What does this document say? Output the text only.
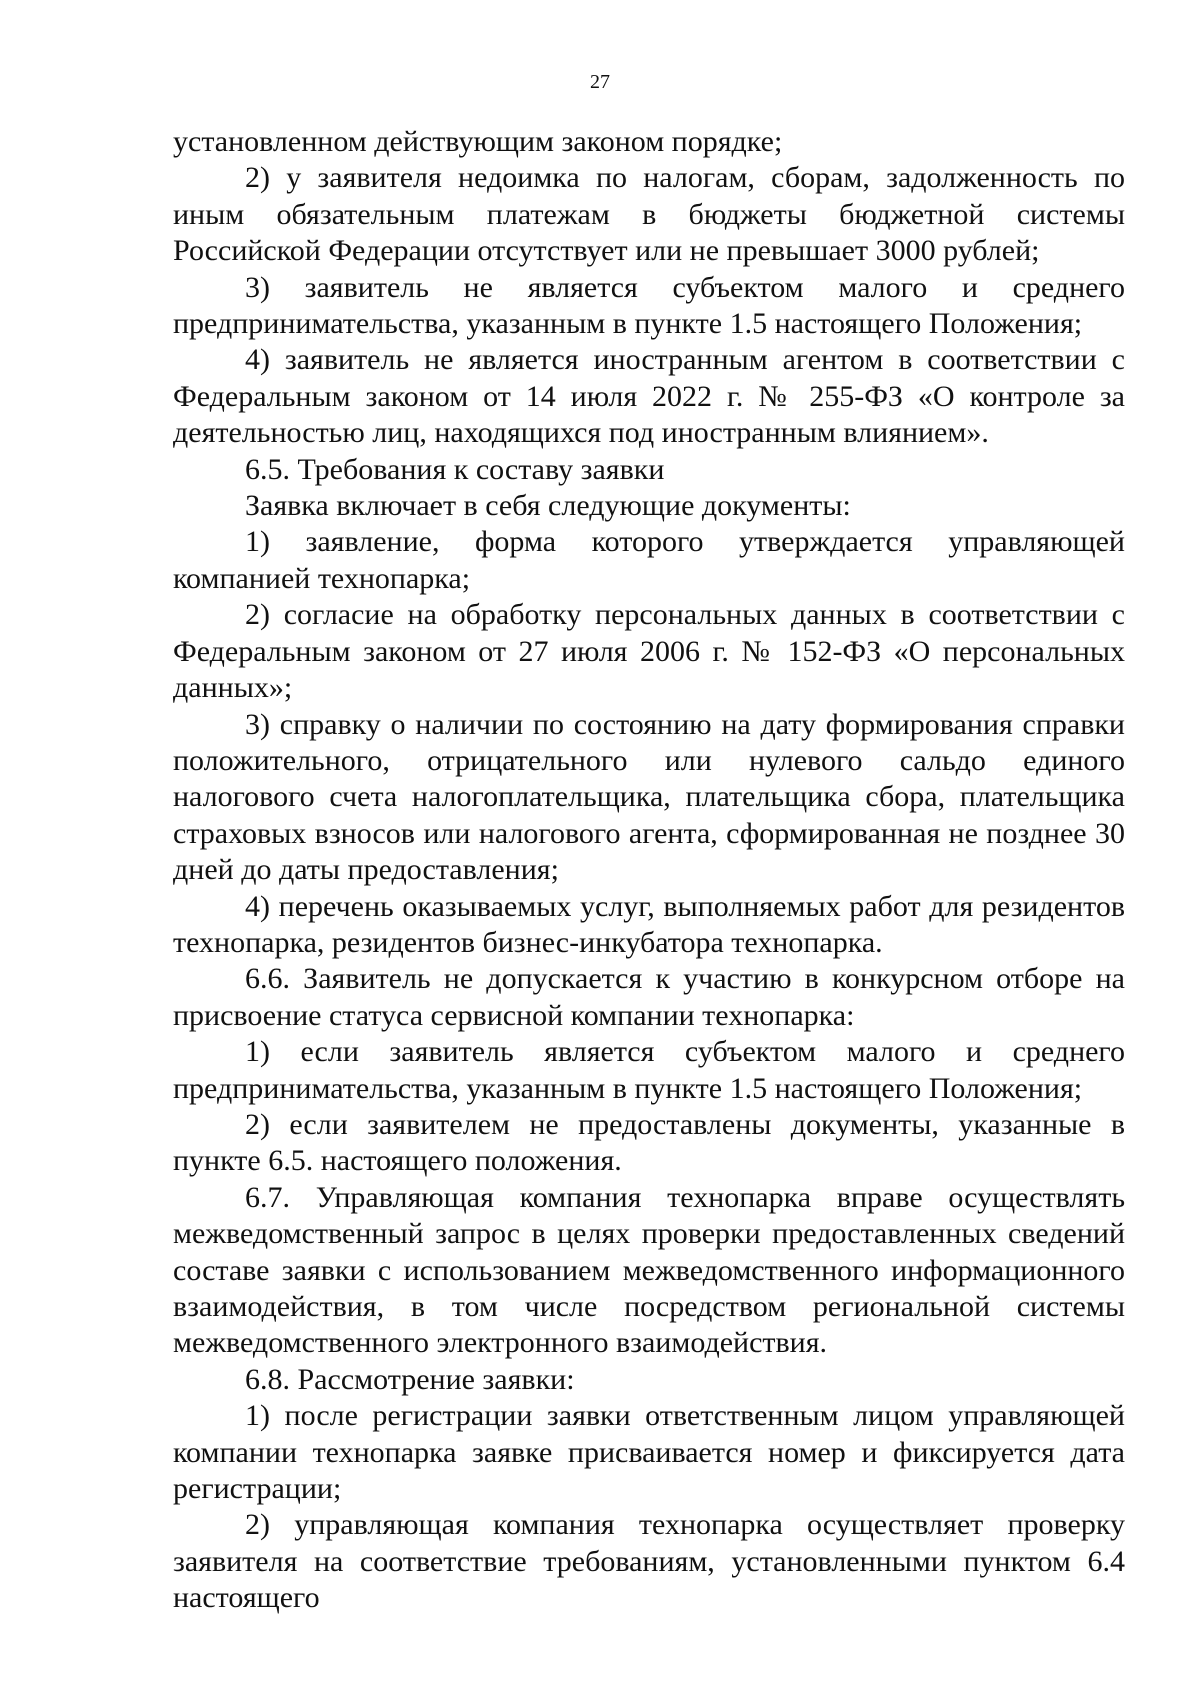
27

установленном действующим законом порядке;

2) у заявителя недоимка по налогам, сборам, задолженность по иным обязательным платежам в бюджеты бюджетной системы Российской Федерации отсутствует или не превышает 3000 рублей;

3) заявитель не является субъектом малого и среднего предпринимательства, указанным в пункте 1.5 настоящего Положения;

4) заявитель не является иностранным агентом в соответствии с Федеральным законом от 14 июля 2022 г. № 255-ФЗ «О контроле за деятельностью лиц, находящихся под иностранным влиянием».

6.5. Требования к составу заявки

Заявка включает в себя следующие документы:

1) заявление, форма которого утверждается управляющей компанией технопарка;

2) согласие на обработку персональных данных в соответствии с Федеральным законом от 27 июля 2006 г. № 152-ФЗ «О персональных данных»;

3) справку о наличии по состоянию на дату формирования справки положительного, отрицательного или нулевого сальдо единого налогового счета налогоплательщика, плательщика сбора, плательщика страховых взносов или налогового агента, сформированная не позднее 30 дней до даты предоставления;

4) перечень оказываемых услуг, выполняемых работ для резидентов технопарка, резидентов бизнес-инкубатора технопарка.

6.6. Заявитель не допускается к участию в конкурсном отборе на присвоение статуса сервисной компании технопарка:

1) если заявитель является субъектом малого и среднего предпринимательства, указанным в пункте 1.5 настоящего Положения;

2) если заявителем не предоставлены документы, указанные в пункте 6.5. настоящего положения.

6.7. Управляющая компания технопарка вправе осуществлять межведомственный запрос в целях проверки предоставленных сведений составе заявки с использованием межведомственного информационного взаимодействия, в том числе посредством региональной системы межведомственного электронного взаимодействия.

6.8. Рассмотрение заявки:

1) после регистрации заявки ответственным лицом управляющей компании технопарка заявке присваивается номер и фиксируется дата регистрации;

2) управляющая компания технопарка осуществляет проверку заявителя на соответствие требованиям, установленными пунктом 6.4 настоящего
